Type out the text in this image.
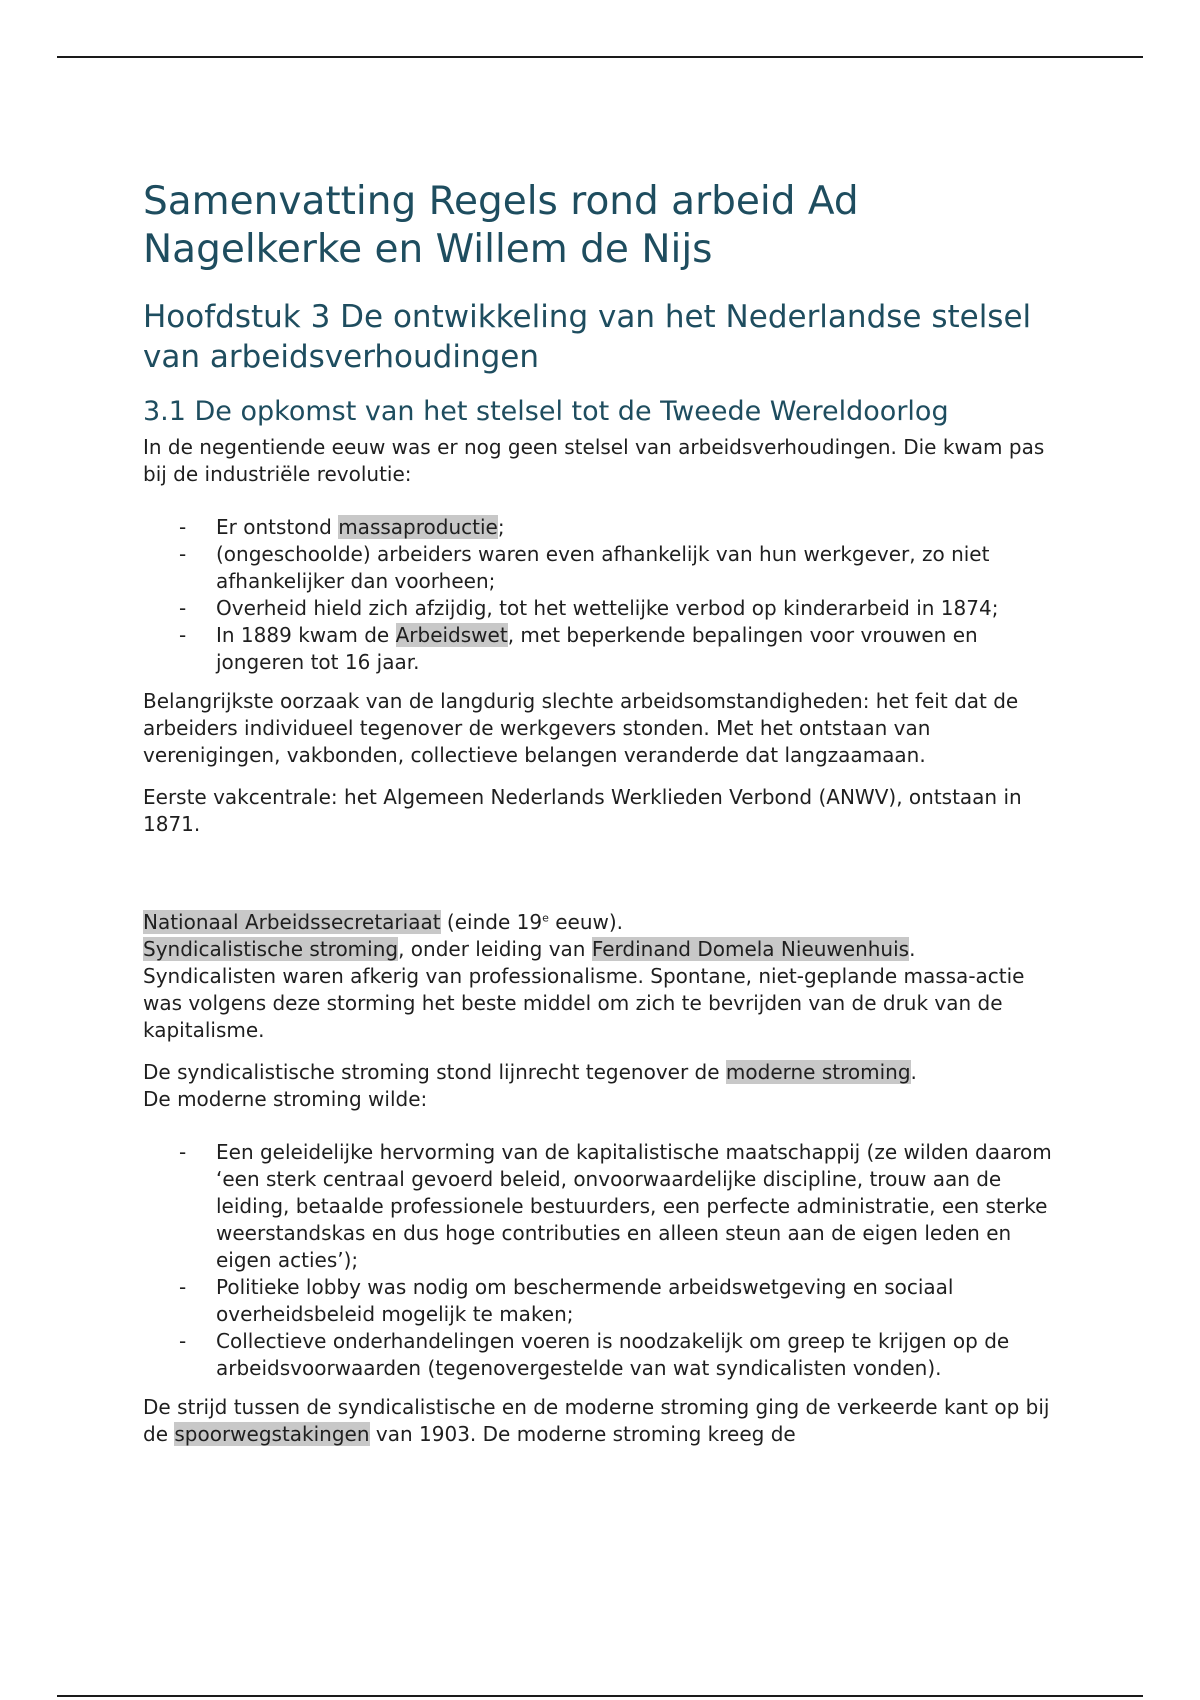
Samenvatting Regels rond arbeid Ad Nagelkerke en Willem de Nijs
Hoofdstuk 3 De ontwikkeling van het Nederlandse stelsel van arbeidsverhoudingen
3.1 De opkomst van het stelsel tot de Tweede Wereldoorlog

In de negentiende eeuw was er nog geen stelsel van arbeidsverhoudingen. Die kwam pas bij de industriële revolutie:

- Er ontstond massaproductie;
- (ongeschoolde) arbeiders waren even afhankelijk van hun werkgever, zo niet afhankelijker dan voorheen;
- Overheid hield zich afzijdig, tot het wettelijke verbod op kinderarbeid in 1874;
- In 1889 kwam de Arbeidswet, met beperkende bepalingen voor vrouwen en jongeren tot 16 jaar.

Belangrijkste oorzaak van de langdurig slechte arbeidsomstandigheden: het feit dat de arbeiders individueel tegenover de werkgevers stonden. Met het ontstaan van verenigingen, vakbonden, collectieve belangen veranderde dat langzaamaan.

Eerste vakcentrale: het Algemeen Nederlands Werklieden Verbond (ANWV), ontstaan in 1871.

Nationaal Arbeidssecretariaat (einde 19e eeuw).

Syndicalistische stroming, onder leiding van Ferdinand Domela Nieuwenhuis.
Syndicalisten waren afkerig van professionalisme. Spontane, niet-geplande massa-actie was volgens deze storming het beste middel om zich te bevrijden van de druk van de kapitalisme.

De syndicalistische stroming stond lijnrecht tegenover de moderne stroming.
De moderne stroming wilde:

- Een geleidelijke hervorming van de kapitalistische maatschappij (ze wilden daarom ‘een sterk centraal gevoerd beleid, onvoorwaardelijke discipline, trouw aan de leiding, betaalde professionele bestuurders, een perfecte administratie, een sterke weerstandskas en dus hoge contributies en alleen steun aan de eigen leden en eigen acties’);
- Politieke lobby was nodig om beschermende arbeidswetgeving en sociaal overheidsbeleid mogelijk te maken;
- Collectieve onderhandelingen voeren is noodzakelijk om greep te krijgen op de arbeidsvoorwaarden (tegenovergestelde van wat syndicalisten vonden).

De strijd tussen de syndicalistische en de moderne stroming ging de verkeerde kant op bij de spoorwegstakingen van 1903. De moderne stroming kreeg de
